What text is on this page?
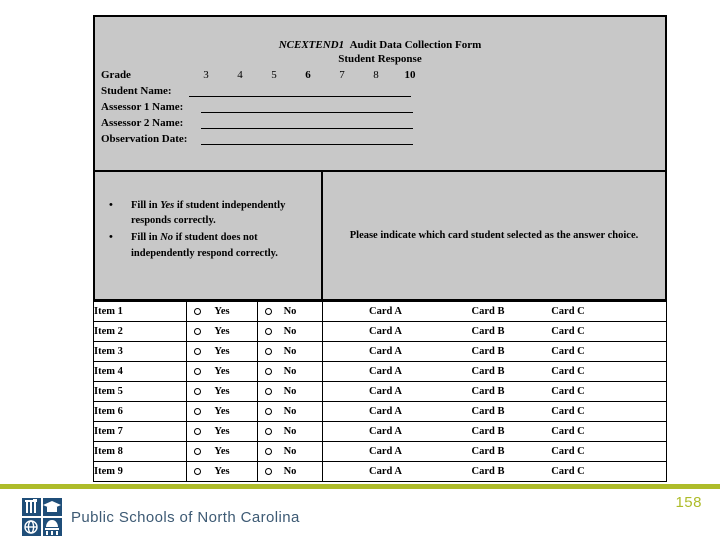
NCEXTEND1 Audit Data Collection Form
Student Response
Grade	3	4	5	6	7	8	10
Student Name:
Assessor 1 Name:
Assessor 2 Name:
Observation Date:
•	Fill in Yes if student independently responds correctly.
•	Fill in No if student does not independently respond correctly.
Please indicate which card student selected as the answer choice.
Item 1	Yes	No	Card A Card B Card C

Item 2	Yes	No	Card A Card B Card C

Item 3	Yes	No	Card A Card B Card C

Item 4	Yes	No	Card A Card B Card C

Item 5	Yes	No	Card A Card B Card C

Item 6	Yes	No	Card A Card B Card C

Item 7	Yes	No	Card A Card B Card C

Item 8	Yes	No	Card A Card B Card C

Item 9	Yes	No	Card A Card B Card C
Public Schools of North Carolina
158
